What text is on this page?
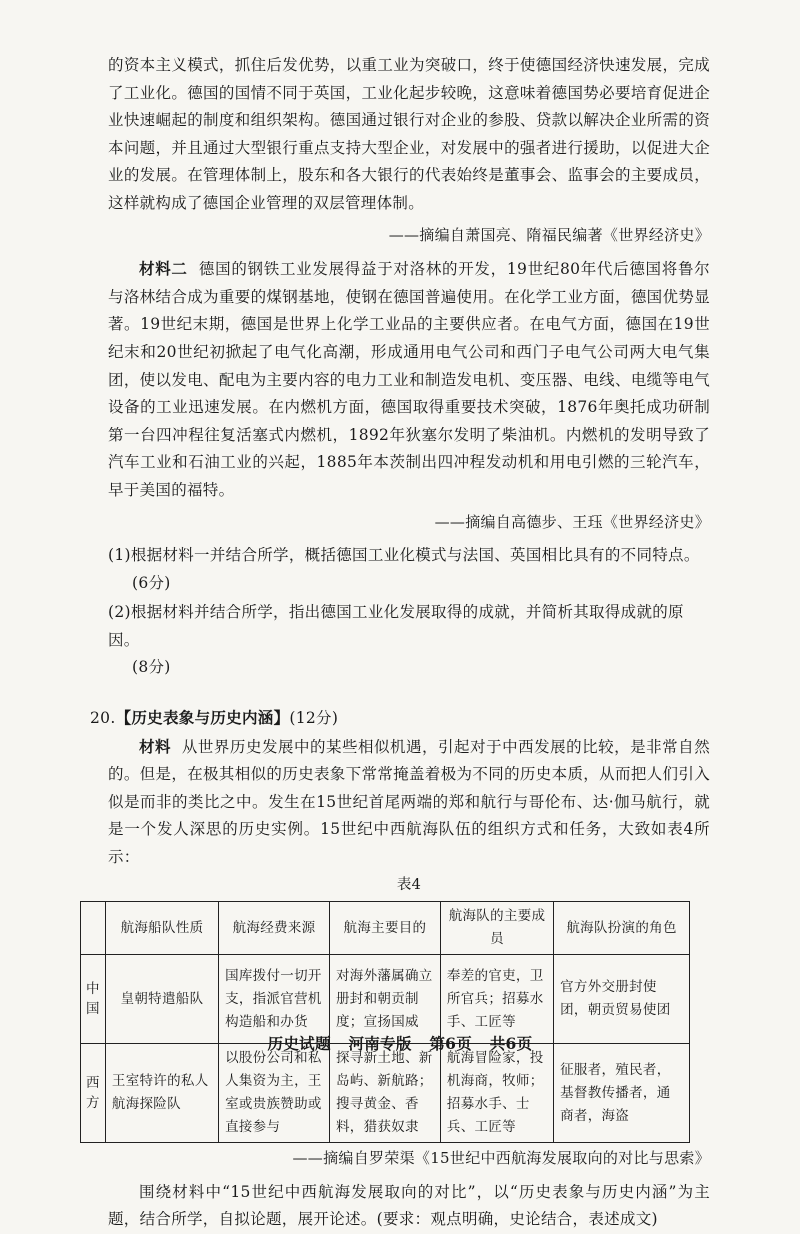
的资本主义模式，抓住后发优势，以重工业为突破口，终于使德国经济快速发展，完成了工业化。德国的国情不同于英国，工业化起步较晚，这意味着德国势必要培育促进企业快速崛起的制度和组织架构。德国通过银行对企业的参股、贷款以解决企业所需的资本问题，并且通过大型银行重点支持大型企业，对发展中的强者进行援助，以促进大企业的发展。在管理体制上，股东和各大银行的代表始终是董事会、监事会的主要成员，这样就构成了德国企业管理的双层管理体制。

——摘编自萧国亮、隋福民编著《世界经济史》

材料二 德国的钢铁工业发展得益于对洛林的开发，19世纪80年代后德国将鲁尔与洛林结合成为重要的煤钢基地，使钢在德国普遍使用。在化学工业方面，德国优势显著。19世纪末期，德国是世界上化学工业品的主要供应者。在电气方面，德国在19世纪末和20世纪初掀起了电气化高潮，形成通用电气公司和西门子电气公司两大电气集团，使以发电、配电为主要内容的电力工业和制造发电机、变压器、电线、电缆等电气设备的工业迅速发展。在内燃机方面，德国取得重要技术突破，1876年奥托成功研制第一台四冲程往复活塞式内燃机，1892年狄塞尔发明了柴油机。内燃机的发明导致了汽车工业和石油工业的兴起，1885年本茨制出四冲程发动机和用电引燃的三轮汽车，早于美国的福特。

——摘编自高德步、王珏《世界经济史》

(1)根据材料一并结合所学，概括德国工业化模式与法国、英国相比具有的不同特点。
(6分)
(2)根据材料并结合所学，指出德国工业化发展取得的成就，并简析其取得成就的原因。
(8分)

20.【历史表象与历史内涵】(12分)

材料 从世界历史发展中的某些相似机遇，引起对于中西发展的比较，是非常自然的。但是，在极其相似的历史表象下常常掩盖着极为不同的历史本质，从而把人们引入似是而非的类比之中。发生在15世纪首尾两端的郑和航行与哥伦布、达·伽马航行，就是一个发人深思的历史实例。15世纪中西航海队伍的组织方式和任务，大致如表4所示：

表4

	航海船队性质	航海经费来源	航海主要目的	航海队的主要成员	航海队扮演的角色
中国	皇朝特遣船队	国库拨付一切开支，指派官营机构造船和办货	对海外藩属确立册封和朝贡制度；宣扬国威	奉差的官吏，卫所官兵；招募水手、工匠等	官方外交册封使团，朝贡贸易使团
西方	王室特许的私人航海探险队	以股份公司和私人集资为主，王室或贵族赞助或直接参与	探寻新土地、新岛屿、新航路；搜寻黄金、香料，猎获奴隶	航海冒险家，投机海商，牧师；招募水手、士兵、工匠等	征服者，殖民者，基督教传播者，通商者，海盗

——摘编自罗荣渠《15世纪中西航海发展取向的对比与思索》

围绕材料中“15世纪中西航海发展取向的对比”，以“历史表象与历史内涵”为主题，结合所学，自拟论题，展开论述。(要求：观点明确，史论结合，表述成文)

历史试题 河南专版 第6页 共6页
